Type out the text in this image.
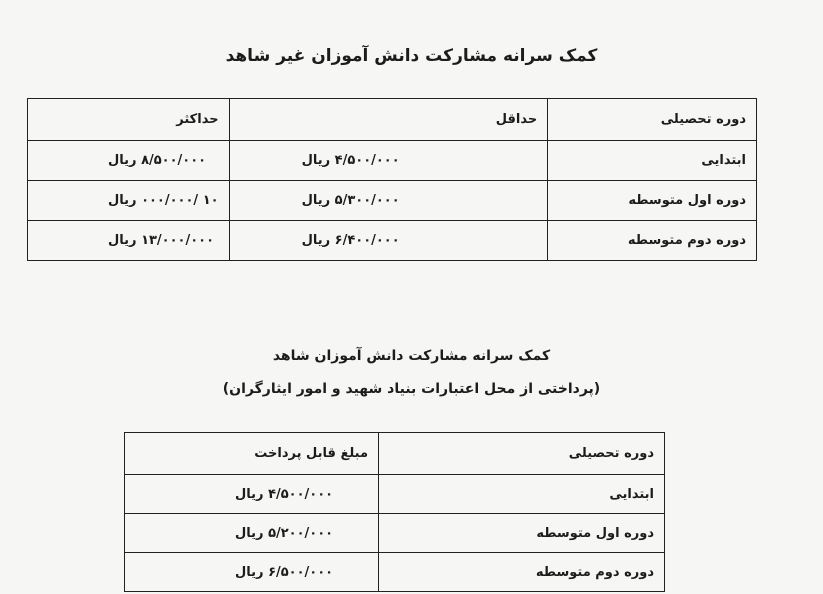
کمک سرانه مشارکت دانش آموزان غیر شاهد
دوره تحصیلی	حداقل	حداکثر
ابتدایی	۴/۵۰۰/۰۰۰ ریال	۸/۵۰۰/۰۰۰ ریال
دوره اول متوسطه	۵/۳۰۰/۰۰۰ ریال	۱۰ /۰۰۰/۰۰۰ ریال
دوره دوم متوسطه	۶/۴۰۰/۰۰۰ ریال	۱۳/۰۰۰/۰۰۰ ریال
کمک سرانه مشارکت دانش آموزان شاهد
(پرداختی از محل اعتبارات بنیاد شهید و امور ایثارگران)
دوره تحصیلی	مبلغ قابل پرداخت
ابتدایی	۴/۵۰۰/۰۰۰ ریال
دوره اول متوسطه	۵/۲۰۰/۰۰۰ ریال
دوره دوم متوسطه	۶/۵۰۰/۰۰۰ ریال
